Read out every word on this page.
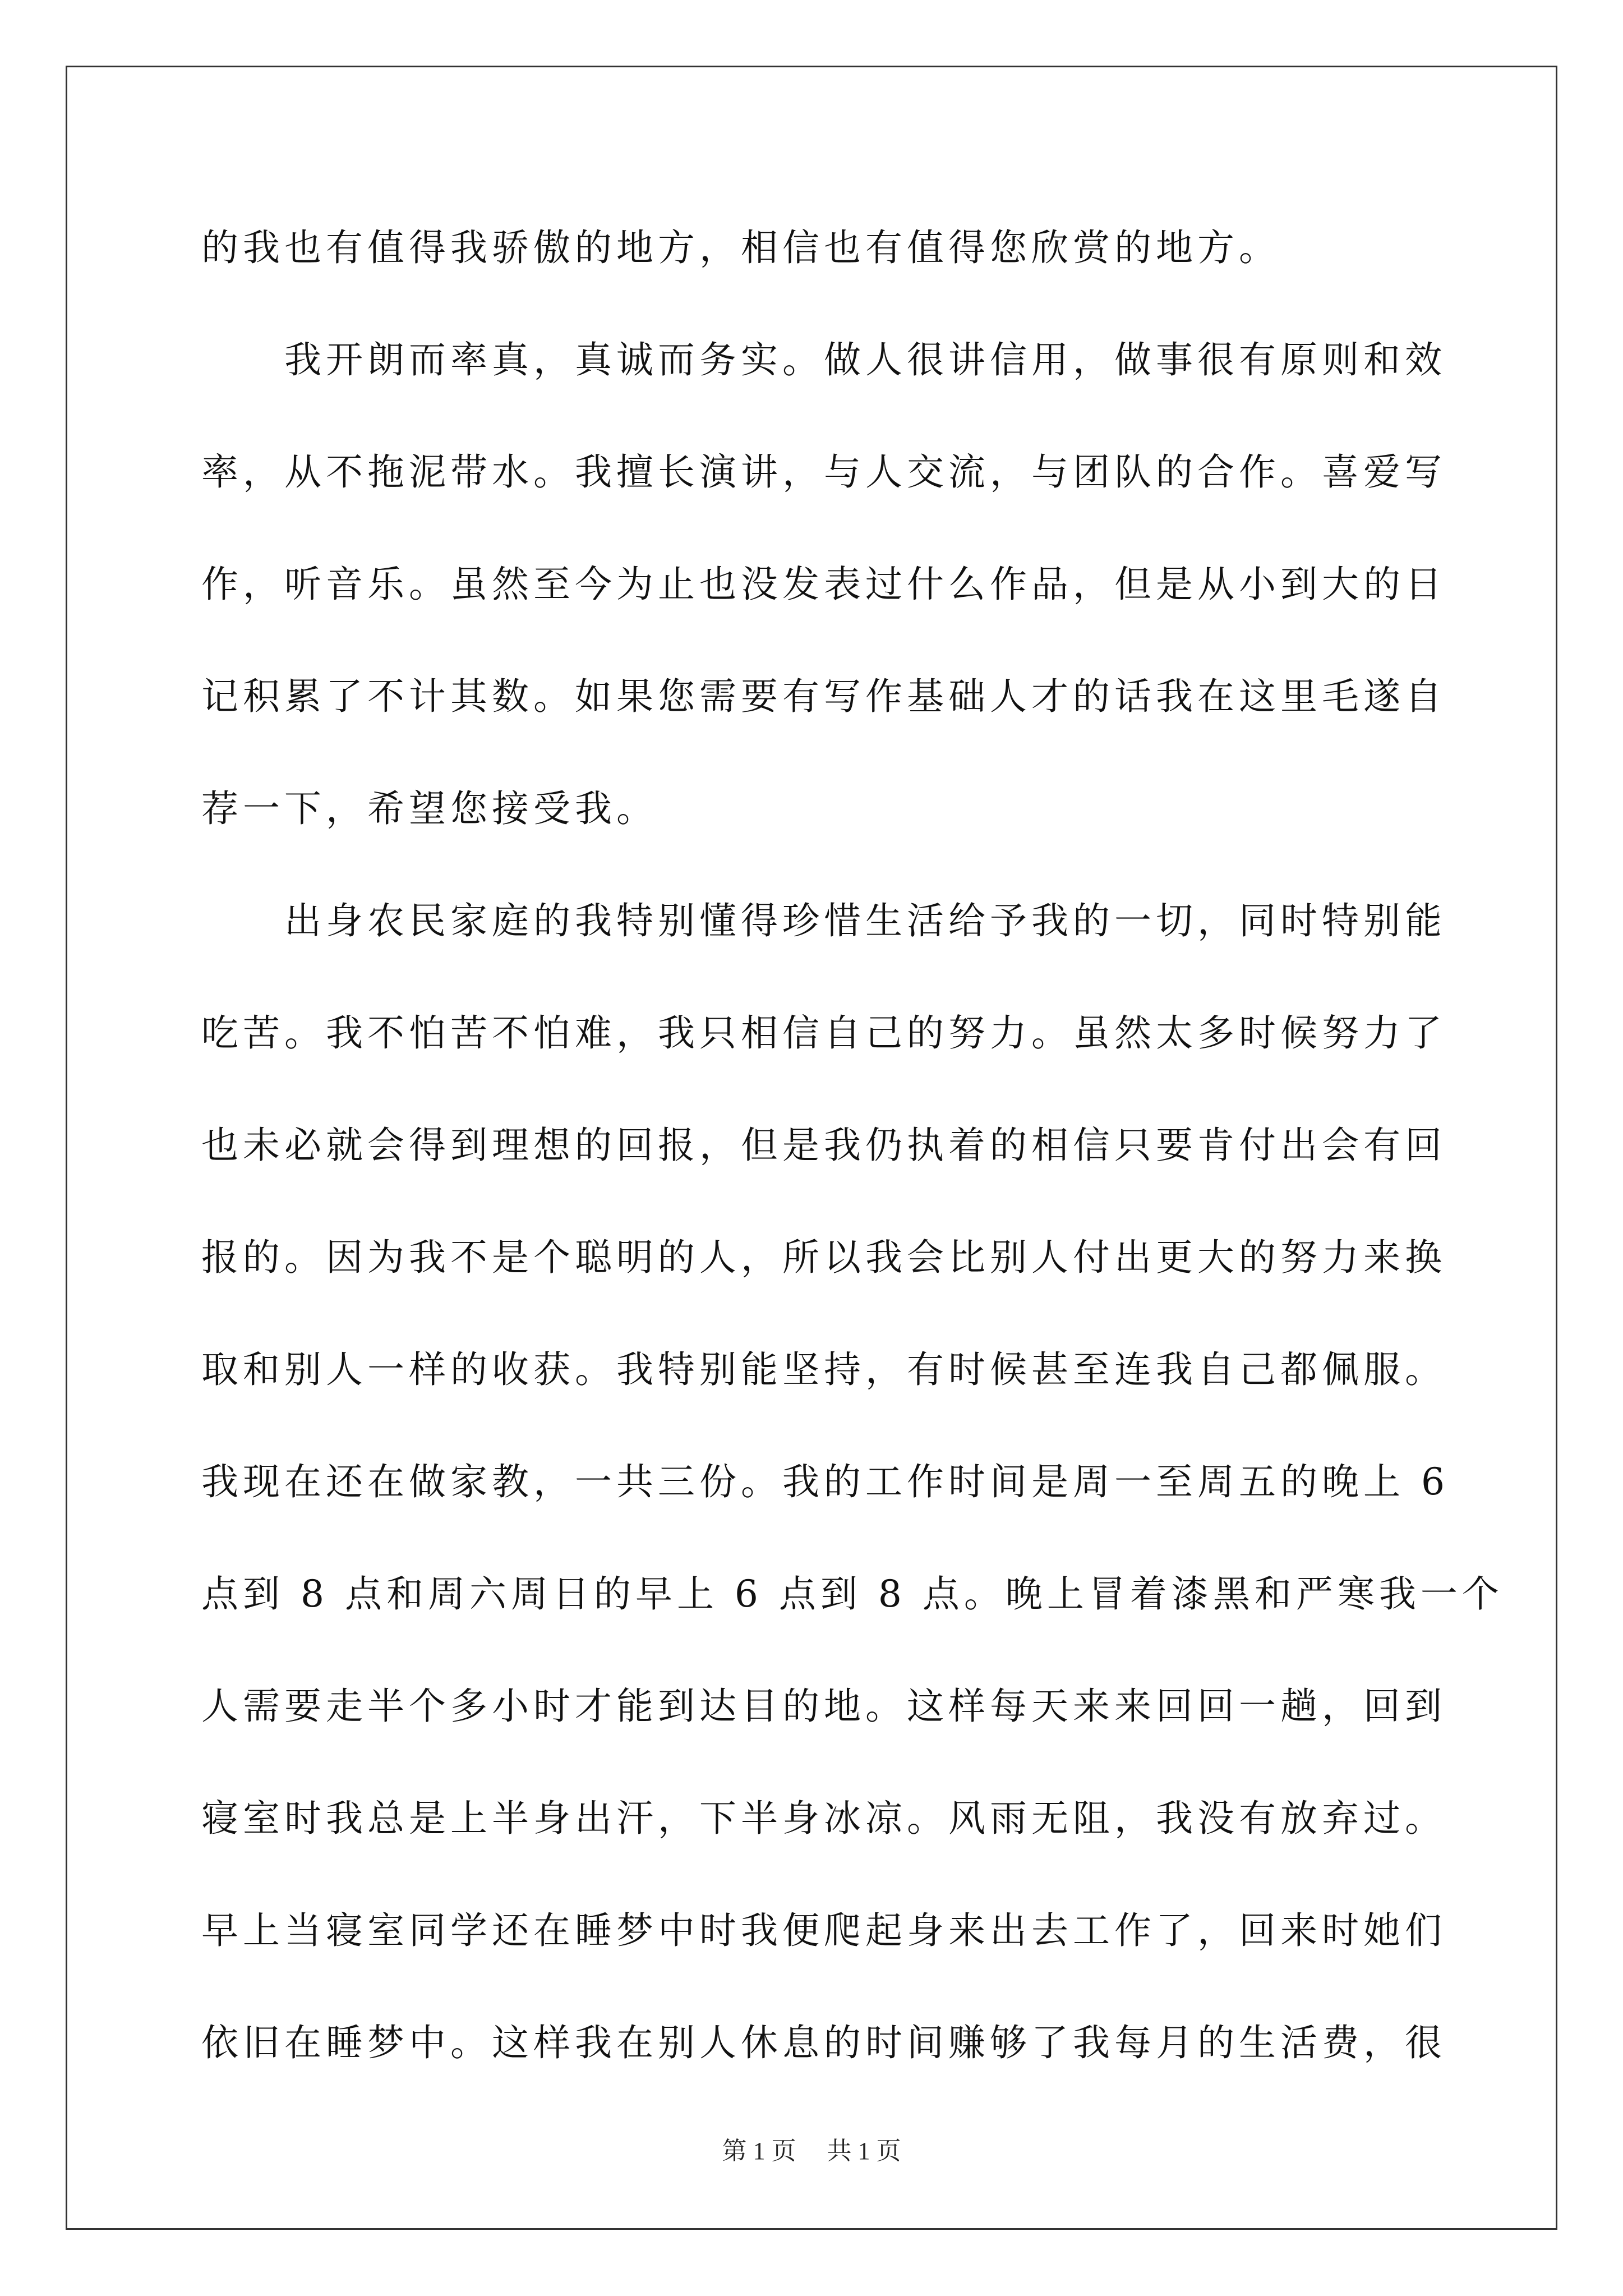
的我也有值得我骄傲的地方，相信也有值得您欣赏的地方。
　　我开朗而率真，真诚而务实。做人很讲信用，做事很有原则和效
率，从不拖泥带水。我擅长演讲，与人交流，与团队的合作。喜爱写
作，听音乐。虽然至今为止也没发表过什么作品，但是从小到大的日
记积累了不计其数。如果您需要有写作基础人才的话我在这里毛遂自
荐一下，希望您接受我。
　　出身农民家庭的我特别懂得珍惜生活给予我的一切，同时特别能
吃苦。我不怕苦不怕难，我只相信自己的努力。虽然太多时候努力了
也未必就会得到理想的回报，但是我仍执着的相信只要肯付出会有回
报的。因为我不是个聪明的人，所以我会比别人付出更大的努力来换
取和别人一样的收获。我特别能坚持，有时候甚至连我自己都佩服。
我现在还在做家教，一共三份。我的工作时间是周一至周五的晚上 6
点到 8 点和周六周日的早上 6 点到 8 点。晚上冒着漆黑和严寒我一个
人需要走半个多小时才能到达目的地。这样每天来来回回一趟，回到
寝室时我总是上半身出汗，下半身冰凉。风雨无阻，我没有放弃过。
早上当寝室同学还在睡梦中时我便爬起身来出去工作了，回来时她们
依旧在睡梦中。这样我在别人休息的时间赚够了我每月的生活费，很
第 1 页　 共 1 页
